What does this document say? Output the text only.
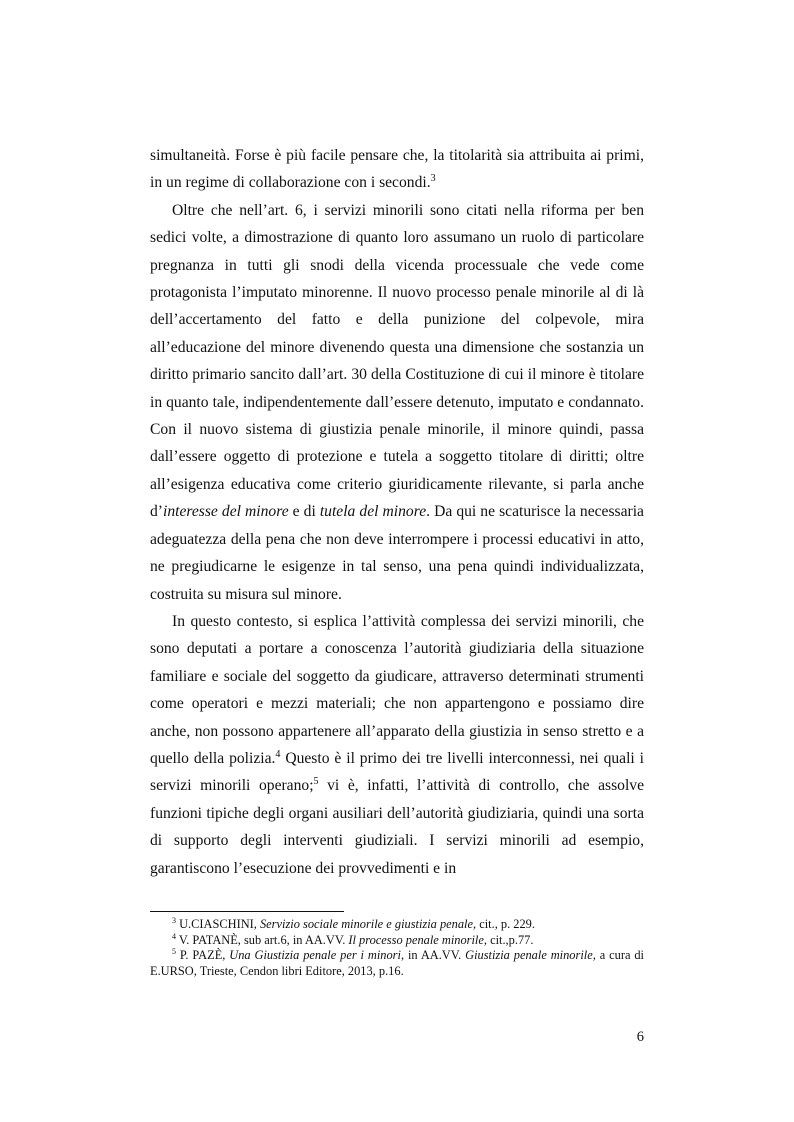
simultaneità. Forse è più facile pensare che, la titolarità sia attribuita ai primi, in un regime di collaborazione con i secondi.$^3$

Oltre che nell’art. 6, i servizi minorili sono citati nella riforma per ben sedici volte, a dimostrazione di quanto loro assumano un ruolo di particolare pregnanza in tutti gli snodi della vicenda processuale che vede come protagonista l’imputato minorenne. Il nuovo processo penale minorile al di là dell’accertamento del fatto e della punizione del colpevole, mira all’educazione del minore divenendo questa una dimensione che sostanzia un diritto primario sancito dall’art. 30 della Costituzione di cui il minore è titolare in quanto tale, indipendentemente dall’essere detenuto, imputato e condannato. Con il nuovo sistema di giustizia penale minorile, il minore quindi, passa dall’essere oggetto di protezione e tutela a soggetto titolare di diritti; oltre all’esigenza educativa come criterio giuridicamente rilevante, si parla anche d’interesse del minore e di tutela del minore. Da qui ne scaturisce la necessaria adeguatezza della pena che non deve interrompere i processi educativi in atto, ne pregiudicarne le esigenze in tal senso, una pena quindi individualizzata, costruita su misura sul minore.

In questo contesto, si esplica l’attività complessa dei servizi minorili, che sono deputati a portare a conoscenza l’autorità giudiziaria della situazione familiare e sociale del soggetto da giudicare, attraverso determinati strumenti come operatori e mezzi materiali; che non appartengono e possiamo dire anche, non possono appartenere all’apparato della giustizia in senso stretto e a quello della polizia.$^4$ Questo è il primo dei tre livelli interconnessi, nei quali i servizi minorili operano;$^5$ vi è, infatti, l’attività di controllo, che assolve funzioni tipiche degli organi ausiliari dell’autorità giudiziaria, quindi una sorta di supporto degli interventi giudiziali. I servizi minorili ad esempio, garantiscono l’esecuzione dei provvedimenti e in

$^3$ U.CIASCHINI, Servizio sociale minorile e giustizia penale, cit., p. 229.

$^4$ V. PATANÈ, sub art.6, in AA.VV. Il processo penale minorile, cit.,p.77.

$^5$ P. PAZÈ, Una Giustizia penale per i minori, in AA.VV. Giustizia penale minorile, a cura di E.URSO, Trieste, Cendon libri Editore, 2013, p.16.

6
